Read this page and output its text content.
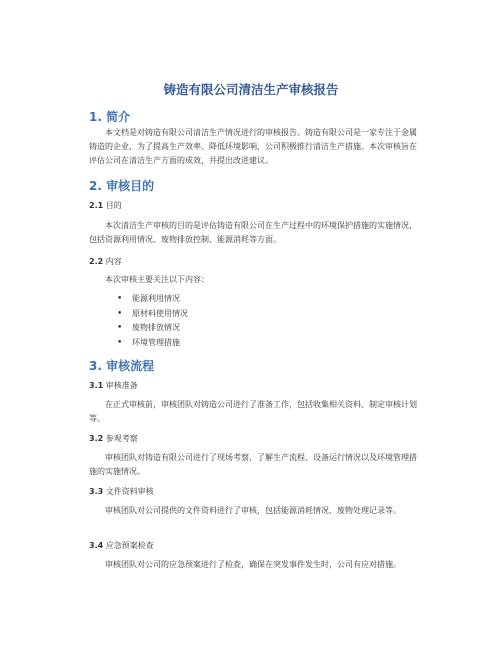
铸造有限公司清洁生产审核报告
1. 简介

本文档是对铸造有限公司清洁生产情况进行的审核报告。铸造有限公司是一家专注于金属铸造的企业，为了提高生产效率、降低环境影响，公司积极推行清洁生产措施。本次审核旨在评估公司在清洁生产方面的成效，并提出改进建议。

2. 审核目的
2.1 目的

本次清洁生产审核的目的是评估铸造有限公司在生产过程中的环境保护措施的实施情况，包括资源利用情况、废物排放控制、能源消耗等方面。

2.2 内容

本次审核主要关注以下内容：

• 能源利用情况
• 原材料使用情况
• 废物排放情况
• 环境管理措施
3. 审核流程
3.1 审核准备

在正式审核前，审核团队对铸造公司进行了准备工作，包括收集相关资料、制定审核计划等。

3.2 参观考察

审核团队对铸造有限公司进行了现场考察，了解生产流程、设备运行情况以及环境管理措施的实施情况。

3.3 文件资料审核

审核团队对公司提供的文件资料进行了审核，包括能源消耗情况、废物处理记录等。

3.4 应急预案检查

审核团队对公司的应急预案进行了检查，确保在突发事件发生时，公司有应对措施。
